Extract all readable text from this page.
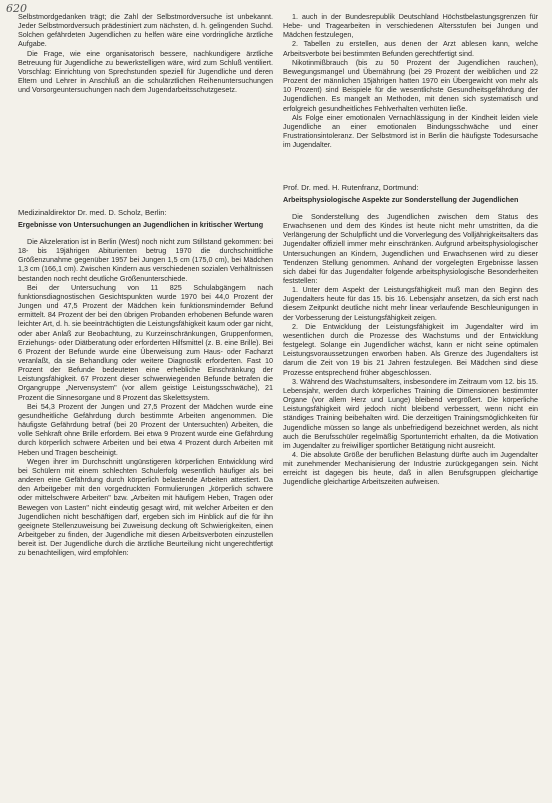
620

Selbstmordgedanken trägt; die Zahl der Selbstmordversuche ist unbekannt. Jeder Selbstmordversuch prädestiniert zum nächsten, d. h. gelingenden Suchd. Solchen gefährdeten Jugendlichen zu helfen wäre eine vordringliche ärztliche Aufgabe.

Die Frage, wie eine organisatorisch bessere, nachkundigere ärztliche Betreuung für Jugendliche zu bewerkstelligen wäre, wird zum Schluß ventiliert. Vorschlag: Einrichtung von Sprechstunden speziell für Jugendliche und deren Eltern und Lehrer in Anschluß an die schulärztlichen Reihenuntersuchungen und Vorsorgeuntersuchungen nach dem Jugendarbeitsschutzgesetz.

Medizinaldirektor Dr. med. D. Scholz, Berlin:
Ergebnisse von Untersuchungen an Jugendlichen in kritischer Wertung

Die Akzeleration ist in Berlin (West) noch nicht zum Stillstand gekommen: bei 18- bis 19jährigen Abiturienten betrug 1970 die durchschnittliche Größenzunahme gegenüber 1957 bei Jungen 1,5 cm (175,0 cm), bei Mädchen 1,3 cm (166,1 cm). Zwischen Kindern aus verschiedenen sozialen Verhältnissen bestanden noch recht deutliche Größenunterschiede.

Bei der Untersuchung von 11 825 Schulabgängern nach funktionsdiagnostischen Gesichtspunkten wurde 1970 bei 44,0 Prozent der Jungen und 47,5 Prozent der Mädchen kein funktionsmindernder Befund ermittelt. 84 Prozent der bei den übrigen Probanden erhobenen Befunde waren leichter Art, d. h. sie beeinträchtigten die Leistungsfähigkeit kaum oder gar nicht, oder aber Anlaß zur Beobachtung, zu Kurzeinschränkungen, Gruppenformen, Erziehungs- oder Diätberatung oder erforderten Hilfsmittel (z. B. eine Brille). Bei 6 Prozent der Befunde wurde eine Überweisung zum Haus- oder Facharzt veranlaßt, da sie Behandlung oder weitere Diagnostik erforderten. Fast 10 Prozent der Befunde bedeuteten eine erhebliche Einschränkung der Leistungsfähigkeit. 67 Prozent dieser schwerwiegenden Befunde betrafen die Organgruppe „Nervensystem" (vor allem geistige Leistungsschwäche), 21 Prozent die Sinnesorgane und 8 Prozent das Skelettsystem.

Bei 54,3 Prozent der Jungen und 27,5 Prozent der Mädchen wurde eine gesundheitliche Gefährdung durch bestimmte Arbeiten angenommen. Die häufigste Gefährdung betraf (bei 20 Prozent der Untersuchten) Arbeiten, die volle Sehkraft ohne Brille erfordern. Bei etwa 9 Prozent wurde eine Gefährdung durch körperlich schwere Arbeiten und bei etwa 4 Prozent durch Arbeiten mit Heben und Tragen bescheinigt.

Wegen ihrer im Durchschnitt ungünstigeren körperlichen Entwicklung wird bei Schülern mit einem schlechten Schulerfolg wesentlich häufiger als bei anderen eine Gefährdung durch körperlich belastende Arbeiten attestiert. Da den Arbeitgeber mit den vorgedruckten Formulierungen „körperlich schwere oder mittelschwere Arbeiten" bzw. „Arbeiten mit häufigem Heben, Tragen oder Bewegen von Lasten" nicht eindeutig gesagt wird, mit welcher Arbeiten er den Jugendlichen nicht beschäftigen darf, ergeben sich im Hinblick auf die für ihn geeignete Stellenzuweisung bei Zuweisung deckung oft Schwierigkeiten, einen Arbeitgeber zu finden, der Jugendliche mit diesen Arbeitsverboten einzustellen bereit ist. Der Jugendliche durch die ärztliche Beurteilung nicht ungerechtfertigt zu benachteiligen, wird empfohlen:

1. auch in der Bundesrepublik Deutschland Höchstbelastungsgrenzen für Hebe- und Tragearbeiten in verschiedenen Altersstufen bei Jungen und Mädchen festzulegen,

2. Tabellen zu erstellen, aus denen der Arzt ablesen kann, welche Arbeitsverbote bei bestimmten Befunden gerechtfertigt sind.

Nikotinmißbrauch (bis zu 50 Prozent der Jugendlichen rauchen), Bewegungsmangel und Übernährung (bei 29 Prozent der weiblichen und 22 Prozent der männlichen 15jährigen hatten 1970 ein Übergewicht von mehr als 10 Prozent) sind Beispiele für die wesentlichste Gesundheitsgefährdung der Jugendlichen. Es mangelt an Methoden, mit denen sich systematisch und erfolgreich gesundheitliches Fehlverhalten verhüten ließe.

Als Folge einer emotionalen Vernachlässigung in der Kindheit leiden viele Jugendliche an einer emotionalen Bindungsschwäche und einer Frustrationsintoleranz. Der Selbstmord ist in Berlin die häufigste Todesursache im Jugendalter.

Prof. Dr. med. H. Rutenfranz, Dortmund:
Arbeitsphysiologische Aspekte zur Sonderstellung der Jugendlichen

Die Sonderstellung des Jugendlichen zwischen dem Status des Erwachsenen und dem des Kindes ist heute nicht mehr umstritten, da die Verlängerung der Schulpflicht und die Vorverlegung des Volljährigkeitsalters das Jugendalter offiziell immer mehr einschränken. Aufgrund arbeitsphysiologischer Untersuchungen an Kindern, Jugendlichen und Erwachsenen wird zu dieser Tendenzen Stellung genommen. Anhand der vorgelegten Ergebnisse lassen sich dabei für das Jugendalter folgende arbeitsphysiologische Besonderheiten feststellen:

1. Unter dem Aspekt der Leistungsfähigkeit muß man den Beginn des Jugendalters heute für das 15. bis 16. Lebensjahr ansetzen, da sich erst nach diesem Zeitpunkt deutliche nicht mehr linear verlaufende Beschleunigungen in der Vorbesserung der Leistungsfähigkeit zeigen.

2. Die Entwicklung der Leistungsfähigkeit im Jugendalter wird im wesentlichen durch die Prozesse des Wachstums und der Entwicklung festgelegt. Solange ein Jugendlicher wächst, kann er nicht seine optimalen Leistungsvoraussetzungen erworben haben. Als Grenze des Jugendalters ist darum die Zeit von 19 bis 21 Jahren festzulegen. Bei Mädchen sind diese Prozesse entsprechend früher abgeschlossen.

3. Während des Wachstumsalters, insbesondere im Zeitraum vom 12. bis 15. Lebensjahr, werden durch körperliches Training die Dimensionen bestimmter Organe (vor allem Herz und Lunge) bleibend vergrößert. Die körperliche Leistungsfähigkeit wird jedoch nicht bleibend verbessert, wenn nicht ein ständiges Training beibehalten wird. Die derzeitigen Trainingsmöglichkeiten für Jugendliche müssen so lange als unbefriedigend bezeichnet werden, als nicht auch die Berufsschüler regelmäßig Sportunterricht erhalten, da die Motivation im Jugendalter zu freiwilliger sportlicher Betätigung nicht ausreicht.

4. Die absolute Größe der beruflichen Belastung dürfte auch im Jugendalter mit zunehmender Mechanisierung der Industrie zurückgegangen sein. Nicht erreicht ist dagegen bis heute, daß in allen Berufsgruppen gleichartige Jugendliche gleichartige Arbeitszeiten aufweisen.
